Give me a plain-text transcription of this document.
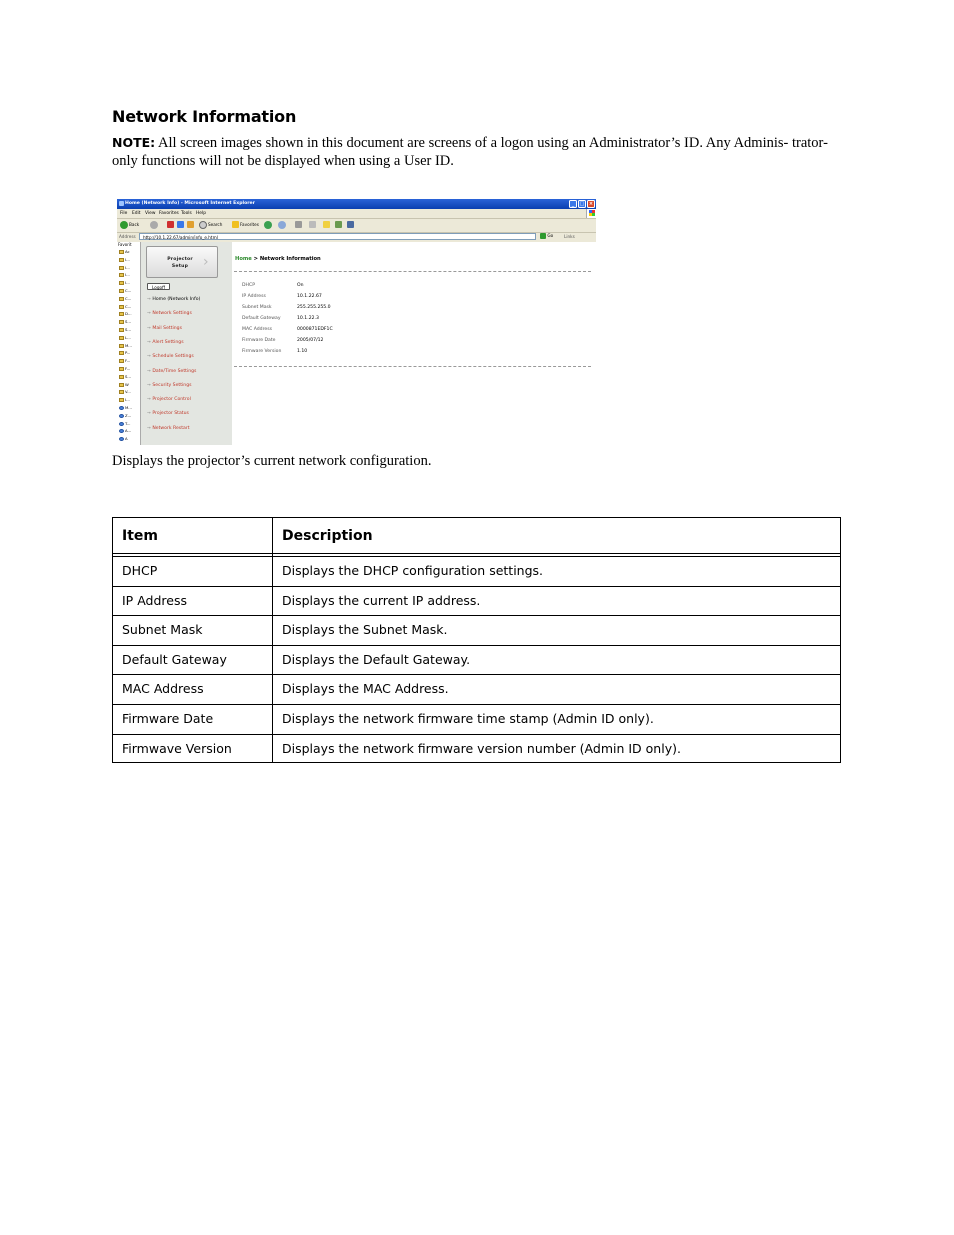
Network Information
NOTE: All screen images shown in this document are screens of a logon using an Administrator’s ID. Any Adminis- trator-only functions will not be displayed when using a User ID.
Home (Network Info) - Microsoft Internet Explorer	_	□ ×
File Edit View Favorites Tools Help
Back	Search	Favorites
Address	http://10.1.22.67/admin/info_e.html	Go	Links
Favorit
Ac
I...
I...
I...
I...
C...
C...
C...
D...
S...
S...
L...
M...
P...
F...
F...
S...
W
V...
I...
M...
Z...
T...
A...
A
Projector
Setup	›
Logoff
→ Home (Network Info)
→ Network Settings
→ Mail Settings
→ Alert Settings
→ Schedule Settings
→ Date/Time Settings
→ Security Settings
→ Projector Control
→ Projector Status
→ Network Restart
Home > Network Information
DHCP	On
IP Address	10.1.22.67
Subnet Mask	255.255.255.0
Default Gateway	10.1.22.3
MAC Address	0000871EDF1C
Firmware Date	2005/07/12
Firmware Version	1.10
Displays the projector’s current network configuration.
Item	Description
DHCP	Displays the DHCP configuration settings.
IP Address	Displays the current IP address.
Subnet Mask	Displays the Subnet Mask.
Default Gateway	Displays the Default Gateway.
MAC Address	Displays the MAC Address.
Firmware Date	Displays the network firmware time stamp (Admin ID only).
Firmwave Version	Displays the network firmware version number (Admin ID only).
